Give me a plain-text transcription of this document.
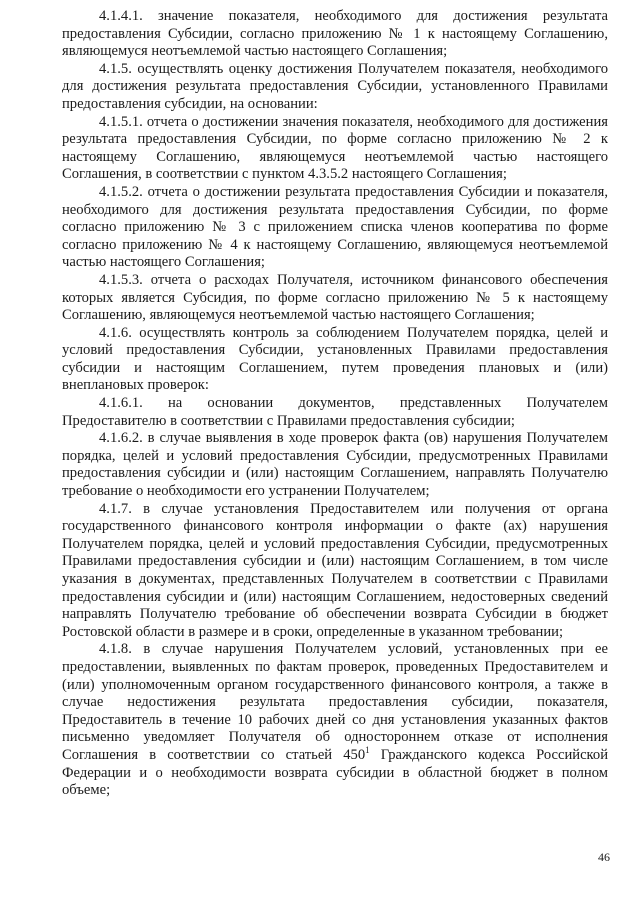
4.1.4.1. значение показателя, необходимого для достижения результата предоставления Субсидии, согласно приложению № 1 к настоящему Соглашению, являющемуся неотъемлемой частью настоящего Соглашения;

4.1.5. осуществлять оценку достижения Получателем показателя, необходимого для достижения результата предоставления Субсидии, установленного Правилами предоставления субсидии, на основании:

4.1.5.1. отчета о достижении значения показателя, необходимого для достижения результата предоставления Субсидии, по форме согласно приложению № 2 к настоящему Соглашению, являющемуся неотъемлемой частью настоящего Соглашения, в соответствии с пунктом 4.3.5.2 настоящего Соглашения;

4.1.5.2. отчета о достижении результата предоставления Субсидии и показателя, необходимого для достижения результата предоставления Субсидии, по форме согласно приложению № 3 с приложением списка членов кооператива по форме согласно приложению № 4 к настоящему Соглашению, являющемуся неотъемлемой частью настоящего Соглашения;

4.1.5.3. отчета о расходах Получателя, источником финансового обеспечения которых является Субсидия, по форме согласно приложению № 5 к настоящему Соглашению, являющемуся неотъемлемой частью настоящего Соглашения;

4.1.6. осуществлять контроль за соблюдением Получателем порядка, целей и условий предоставления Субсидии, установленных Правилами предоставления субсидии и настоящим Соглашением, путем проведения плановых и (или) внеплановых проверок:

4.1.6.1. на основании документов, представленных Получателем Предоставителю в соответствии с Правилами предоставления субсидии;

4.1.6.2. в случае выявления в ходе проверок факта (ов) нарушения Получателем порядка, целей и условий предоставления Субсидии, предусмотренных Правилами предоставления субсидии и (или) настоящим Соглашением, направлять Получателю требование о необходимости его устранении Получателем;

4.1.7. в случае установления Предоставителем или получения от органа государственного финансового контроля информации о факте (ах) нарушения Получателем порядка, целей и условий предоставления Субсидии, предусмотренных Правилами предоставления субсидии и (или) настоящим Соглашением, в том числе указания в документах, представленных Получателем в соответствии с Правилами предоставления субсидии и (или) настоящим Соглашением, недостоверных сведений направлять Получателю требование об обеспечении возврата Субсидии в бюджет Ростовской области в размере и в сроки, определенные в указанном требовании;

4.1.8. в случае нарушения Получателем условий, установленных при ее предоставлении, выявленных по фактам проверок, проведенных Предоставителем и (или) уполномоченным органом государственного финансового контроля, а также в случае недостижения результата предоставления субсидии, показателя, Предоставитель в течение 10 рабочих дней со дня установления указанных фактов письменно уведомляет Получателя об одностороннем отказе от исполнения Соглашения в соответствии со статьей $450^1$ Гражданского кодекса Российской Федерации и о необходимости возврата субсидии в областной бюджет в полном объеме;

46
